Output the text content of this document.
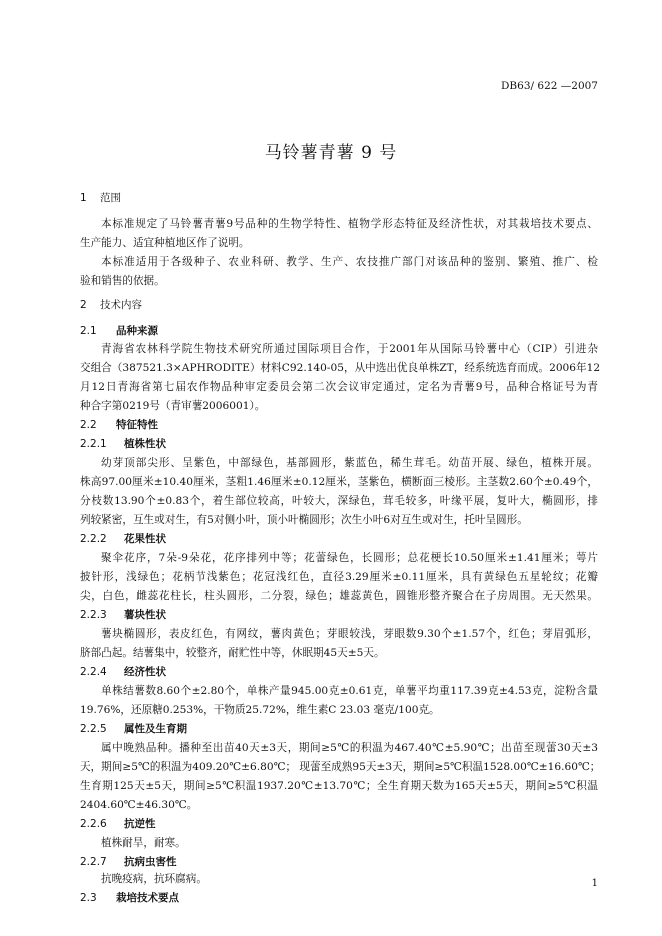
DB63/ 622 —2007
马铃薯青薯 9 号
1 范围
本标准规定了马铃薯青薯9号品种的生物学特性、植物学形态特征及经济性状，对其栽培技术要点、
生产能力、适宜种植地区作了说明。
本标准适用于各级种子、农业科研、教学、生产、农技推广部门对该品种的鉴别、繁殖、推广、检
验和销售的依据。
2 技术内容
2.1 品种来源
青海省农林科学院生物技术研究所通过国际项目合作，于2001年从国际马铃薯中心（CIP）引进杂
交组合（387521.3×APHRODITE）材料C92.140-05，从中选出优良单株ZT，经系统选育而成。2006年12
月12日青海省第七届农作物品种审定委员会第二次会议审定通过，定名为青薯9号，品种合格证号为青
种合字第0219号（青审薯2006001）。
2.2 特征特性
2.2.1 植株性状
幼芽顶部尖形、呈紫色，中部绿色，基部圆形，紫蓝色，稀生茸毛。幼苗开展、绿色，植株开展。
株高97.00厘米±10.40厘米，茎粗1.46厘米±0.12厘米，茎紫色，横断面三棱形。主茎数2.60个±0.49个，
分枝数13.90个±0.83个，着生部位较高，叶较大，深绿色，茸毛较多，叶缘平展，复叶大，椭圆形，排
列较紧密，互生或对生，有5对侧小叶，顶小叶椭圆形；次生小叶6对互生或对生，托叶呈圆形。
2.2.2 花果性状
聚伞花序，7朵-9朵花，花序排列中等；花蕾绿色，长圆形；总花梗长10.50厘米±1.41厘米；萼片
披针形，浅绿色；花柄节浅紫色；花冠浅红色，直径3.29厘米±0.11厘米，具有黄绿色五星轮纹；花瓣
尖，白色，雌蕊花柱长，柱头圆形，二分裂，绿色；雄蕊黄色，圆锥形整齐聚合在子房周围。无天然果。
2.2.3 薯块性状
薯块椭圆形，表皮红色，有网纹，薯肉黄色；芽眼较浅，芽眼数9.30个±1.57个，红色；芽眉弧形，
脐部凸起。结薯集中，较整齐，耐贮性中等，休眠期45天±5天。
2.2.4 经济性状
单株结薯数8.60个±2.80个，单株产量945.00克±0.61克，单薯平均重117.39克±4.53克，淀粉含量
19.76%，还原糖0.253%，干物质25.72%，维生素C 23.03 毫克/100克。
2.2.5 属性及生育期
属中晚熟品种。播种至出苗40天±3天，期间≥5℃的积温为467.40℃±5.90℃；出苗至现蕾30天±3
天，期间≥5℃的积温为409.20℃±6.80℃； 现蕾至成熟95天±3天，期间≥5℃积温1528.00℃±16.60℃；
生育期125天±5天，期间≥5℃积温1937.20℃±13.70℃；全生育期天数为165天±5天，期间≥5℃积温
2404.60℃±46.30℃。
2.2.6 抗逆性
植株耐旱，耐寒。
2.2.7 抗病虫害性
抗晚疫病，抗环腐病。
2.3 栽培技术要点
1
